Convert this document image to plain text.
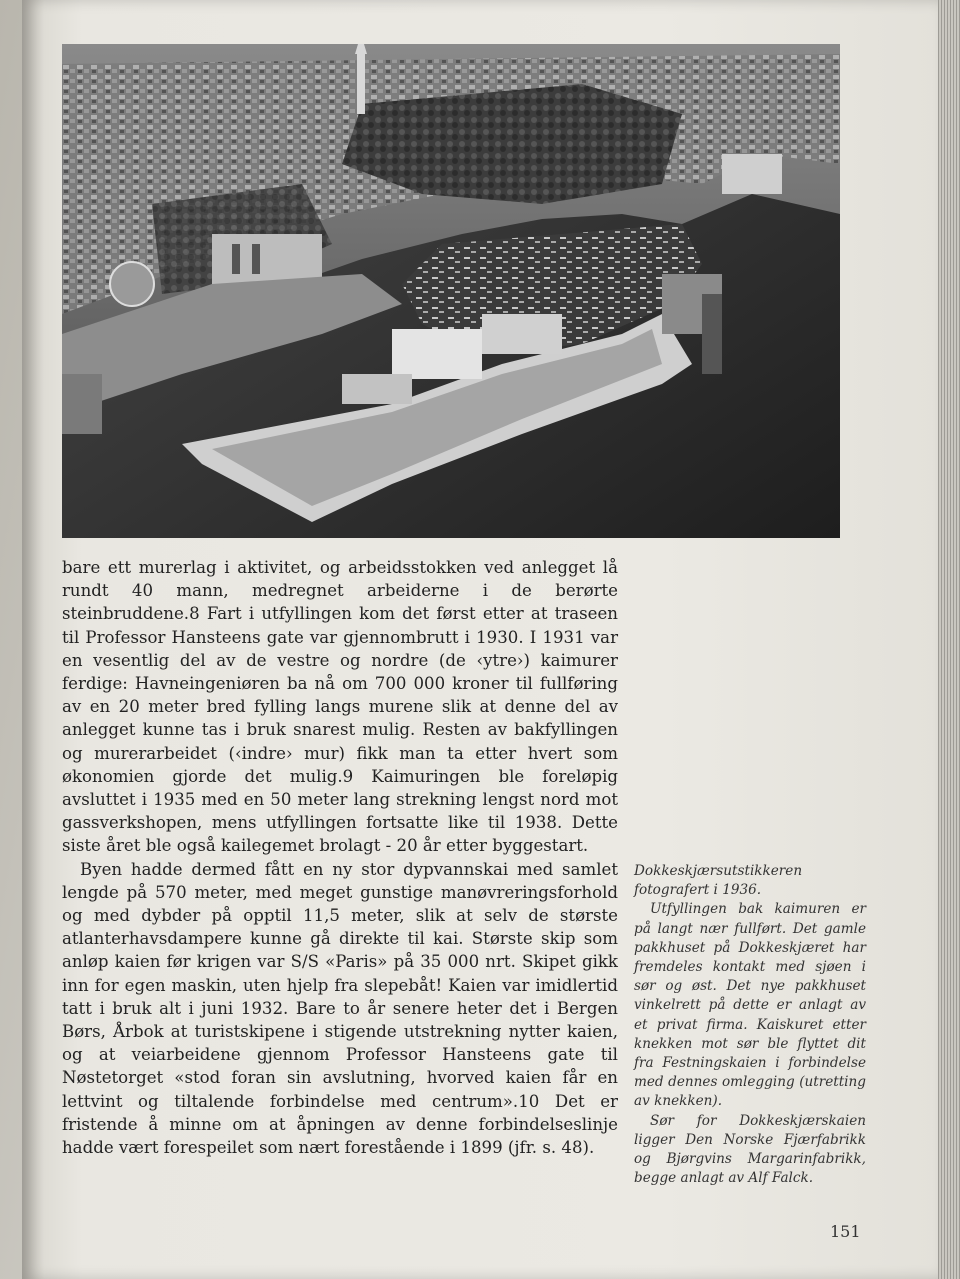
bare ett murerlag i aktivitet, og arbeidsstokken ved anlegget lå rundt 40 mann, medregnet arbeiderne i de berørte steinbruddene.8 Fart i utfyllingen kom det først etter at traseen til Professor Hansteens gate var gjennombrutt i 1930. I 1931 var en vesentlig del av de vestre og nordre (de ‹ytre›) kaimurer ferdige: Havneingeniøren ba nå om 700 000 kroner til fullføring av en 20 meter bred fylling langs murene slik at denne del av anlegget kunne tas i bruk snarest mulig. Resten av bakfyllingen og murerarbeidet (‹indre› mur) fikk man ta etter hvert som økonomien gjorde det mulig.9 Kaimuringen ble foreløpig avsluttet i 1935 med en 50 meter lang strekning lengst nord mot gassverkshopen, mens utfyllingen fortsatte like til 1938. Dette siste året ble også kailegemet brolagt - 20 år etter byggestart.

Byen hadde dermed fått en ny stor dypvannskai med samlet lengde på 570 meter, med meget gunstige manøvreringsforhold og med dybder på opptil 11,5 meter, slik at selv de største atlanterhavsdampere kunne gå direkte til kai. Største skip som anløp kaien før krigen var S/S «Paris» på 35 000 nrt. Skipet gikk inn for egen maskin, uten hjelp fra slepebåt! Kaien var imidlertid tatt i bruk alt i juni 1932. Bare to år senere heter det i Bergen Børs, Årbok at turistskipene i stigende utstrekning nytter kaien, og at veiarbeidene gjennom Professor Hansteens gate til Nøstetorget «stod foran sin avslutning, hvorved kaien får en lettvint og tiltalende forbindelse med centrum».10 Det er fristende å minne om at åpningen av denne forbindelseslinje hadde vært forespeilet som nært forestående i 1899 (jfr. s. 48).

Dokkeskjærsutstikkeren fotografert i 1936.

Utfyllingen bak kaimuren er på langt nær fullført. Det gamle pakkhuset på Dokkeskjæret har fremdeles kontakt med sjøen i sør og øst. Det nye pakkhuset vinkelrett på dette er anlagt av et privat firma. Kaiskuret etter knekken mot sør ble flyttet dit fra Festningskaien i forbindelse med dennes omlegging (utretting av knekken).

Sør for Dokkeskjærskaien ligger Den Norske Fjærfabrikk og Bjørgvins Margarinfabrikk, begge anlagt av Alf Falck.

151
